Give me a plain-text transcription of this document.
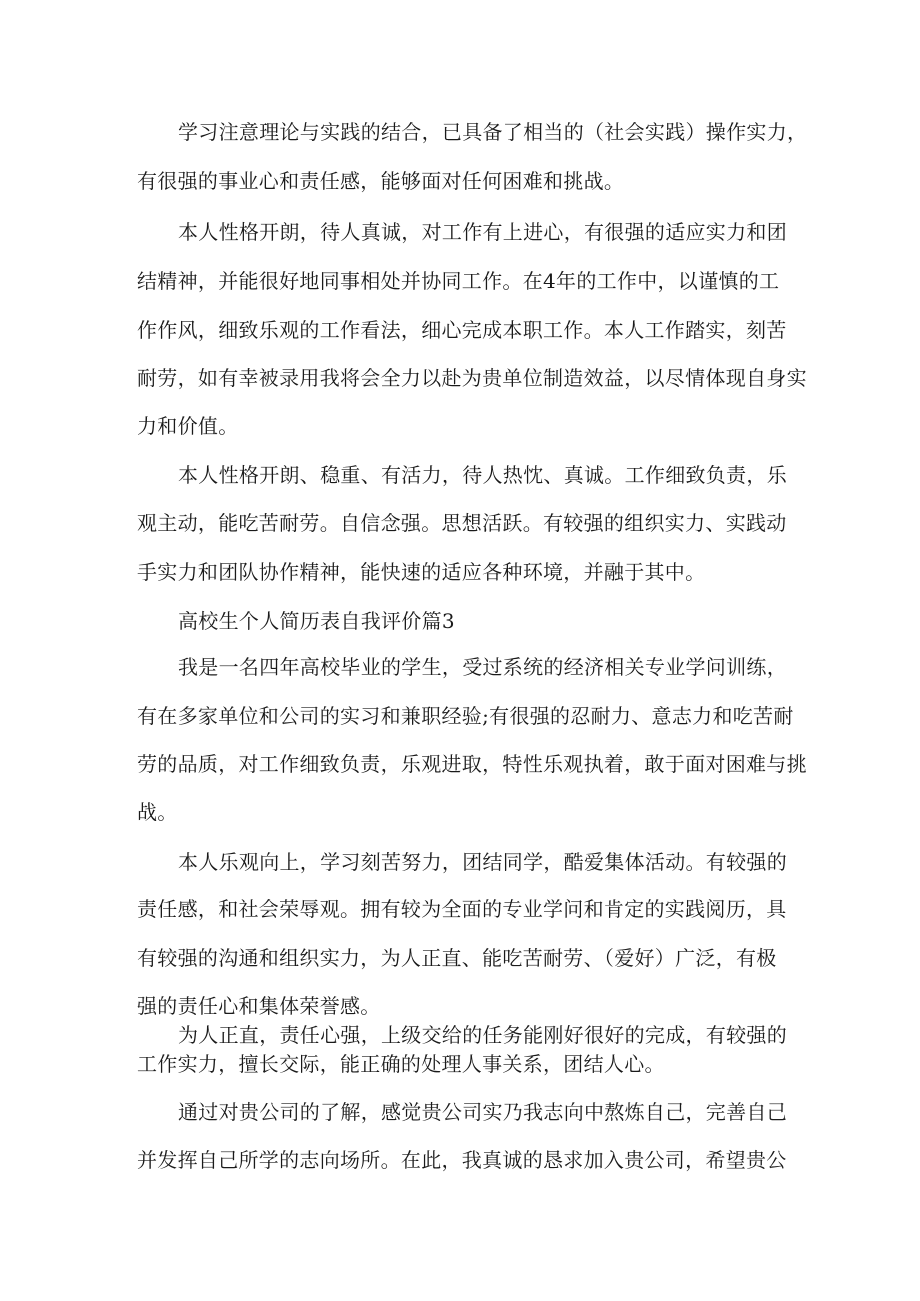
学习注意理论与实践的结合，已具备了相当的（社会实践）操作实力，
有很强的事业心和责任感，能够面对任何困难和挑战。
本人性格开朗，待人真诚，对工作有上进心，有很强的适应实力和团
结精神，并能很好地同事相处并协同工作。在4年的工作中，以谨慎的工
作作风，细致乐观的工作看法，细心完成本职工作。本人工作踏实，刻苦
耐劳，如有幸被录用我将会全力以赴为贵单位制造效益，以尽情体现自身实
力和价值。
本人性格开朗、稳重、有活力，待人热忱、真诚。工作细致负责，乐
观主动，能吃苦耐劳。自信念强。思想活跃。有较强的组织实力、实践动
手实力和团队协作精神，能快速的适应各种环境，并融于其中。
高校生个人简历表自我评价篇3
我是一名四年高校毕业的学生，受过系统的经济相关专业学问训练，
有在多家单位和公司的实习和兼职经验;有很强的忍耐力、意志力和吃苦耐
劳的品质，对工作细致负责，乐观进取，特性乐观执着，敢于面对困难与挑
战。
本人乐观向上，学习刻苦努力，团结同学，酷爱集体活动。有较强的
责任感，和社会荣辱观。拥有较为全面的专业学问和肯定的实践阅历，具
有较强的沟通和组织实力，为人正直、能吃苦耐劳、（爱好）广泛，有极
强的责任心和集体荣誉感。
为人正直，责任心强，上级交给的任务能刚好很好的完成，有较强的
工作实力，擅长交际，能正确的处理人事关系，团结人心。
通过对贵公司的了解，感觉贵公司实乃我志向中熬炼自己，完善自己
并发挥自己所学的志向场所。在此，我真诚的恳求加入贵公司，希望贵公
